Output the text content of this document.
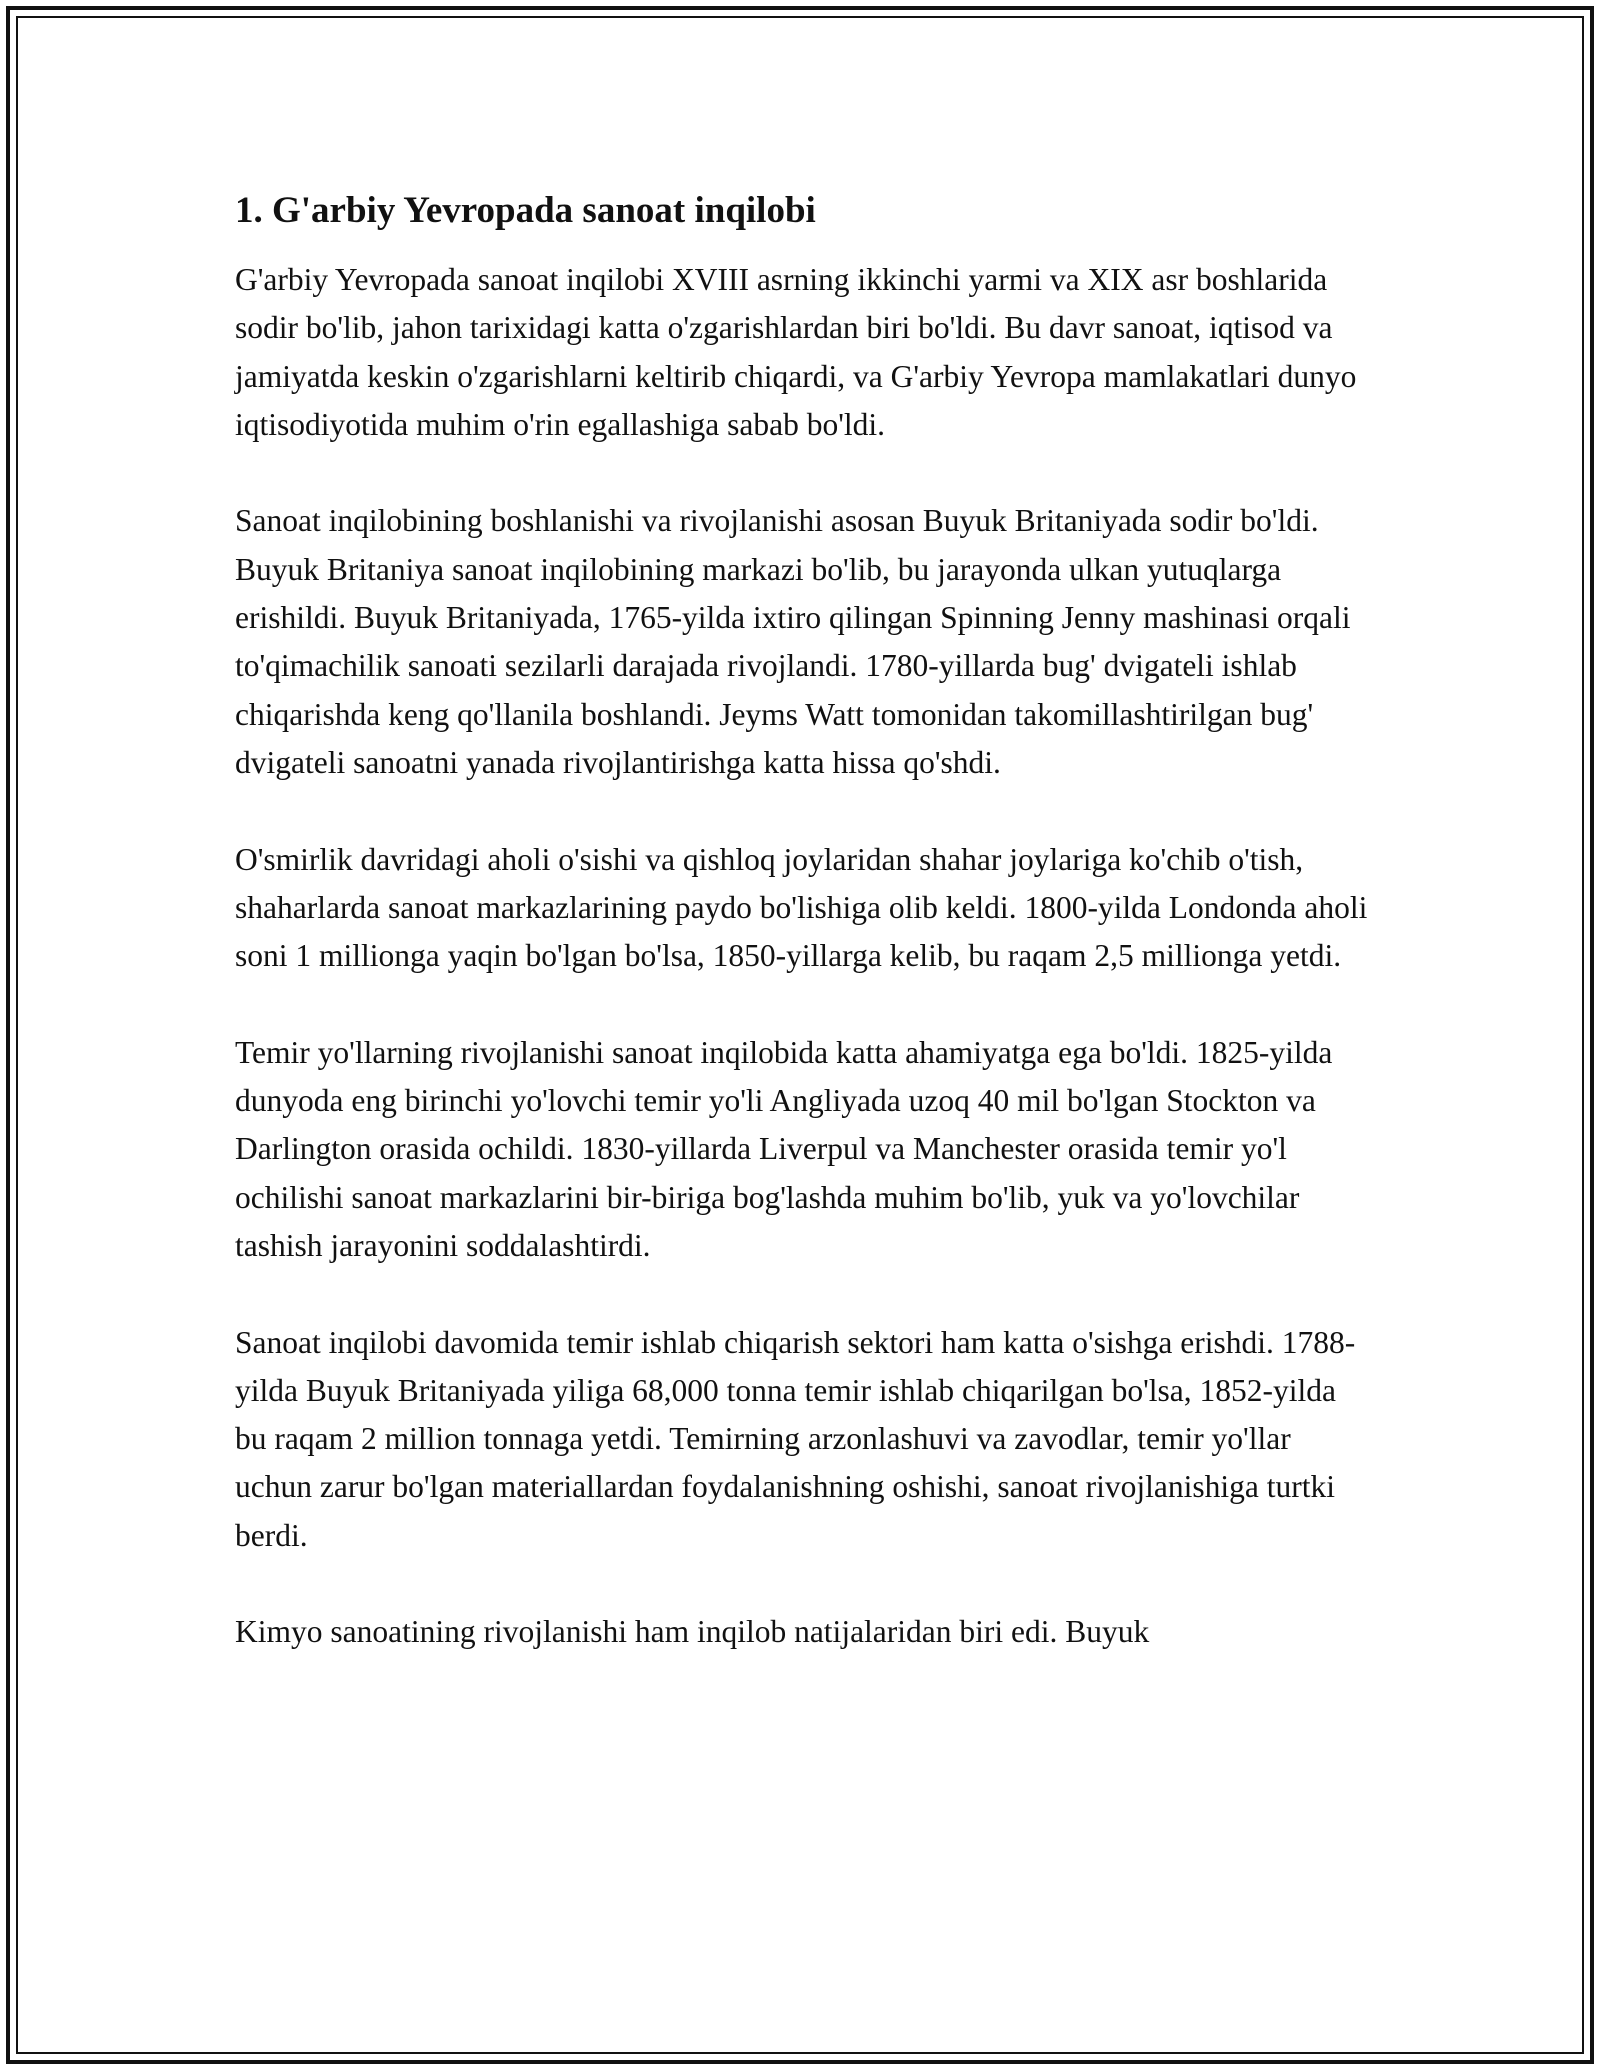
1. G'arbiy Yevropada sanoat inqilobi

G'arbiy Yevropada sanoat inqilobi XVIII asrning ikkinchi yarmi va XIX asr boshlarida sodir bo'lib, jahon tarixidagi katta o'zgarishlardan biri bo'ldi. Bu davr sanoat, iqtisod va jamiyatda keskin o'zgarishlarni keltirib chiqardi, va G'arbiy Yevropa mamlakatlari dunyo iqtisodiyotida muhim o'rin egallashiga sabab bo'ldi.

Sanoat inqilobining boshlanishi va rivojlanishi asosan Buyuk Britaniyada sodir bo'ldi. Buyuk Britaniya sanoat inqilobining markazi bo'lib, bu jarayonda ulkan yutuqlarga erishildi. Buyuk Britaniyada, 1765-yilda ixtiro qilingan Spinning Jenny mashinasi orqali to'qimachilik sanoati sezilarli darajada rivojlandi. 1780-yillarda bug' dvigateli ishlab chiqarishda keng qo'llanila boshlandi. Jeyms Watt tomonidan takomillashtirilgan bug' dvigateli sanoatni yanada rivojlantirishga katta hissa qo'shdi.

O'smirlik davridagi aholi o'sishi va qishloq joylaridan shahar joylariga ko'chib o'tish, shaharlarda sanoat markazlarining paydo bo'lishiga olib keldi. 1800-yilda Londonda aholi soni 1 millionga yaqin bo'lgan bo'lsa, 1850-yillarga kelib, bu raqam 2,5 millionga yetdi.

Temir yo'llarning rivojlanishi sanoat inqilobida katta ahamiyatga ega bo'ldi. 1825-yilda dunyoda eng birinchi yo'lovchi temir yo'li Angliyada uzoq 40 mil bo'lgan Stockton va Darlington orasida ochildi. 1830-yillarda Liverpul va Manchester orasida temir yo'l ochilishi sanoat markazlarini bir-biriga bog'lashda muhim bo'lib, yuk va yo'lovchilar tashish jarayonini soddalashtirdi.

Sanoat inqilobi davomida temir ishlab chiqarish sektori ham katta o'sishga erishdi. 1788-yilda Buyuk Britaniyada yiliga 68,000 tonna temir ishlab chiqarilgan bo'lsa, 1852-yilda bu raqam 2 million tonnaga yetdi. Temirning arzonlashuvi va zavodlar, temir yo'llar uchun zarur bo'lgan materiallardan foydalanishning oshishi, sanoat rivojlanishiga turtki berdi.

Kimyo sanoatining rivojlanishi ham inqilob natijalaridan biri edi. Buyuk
